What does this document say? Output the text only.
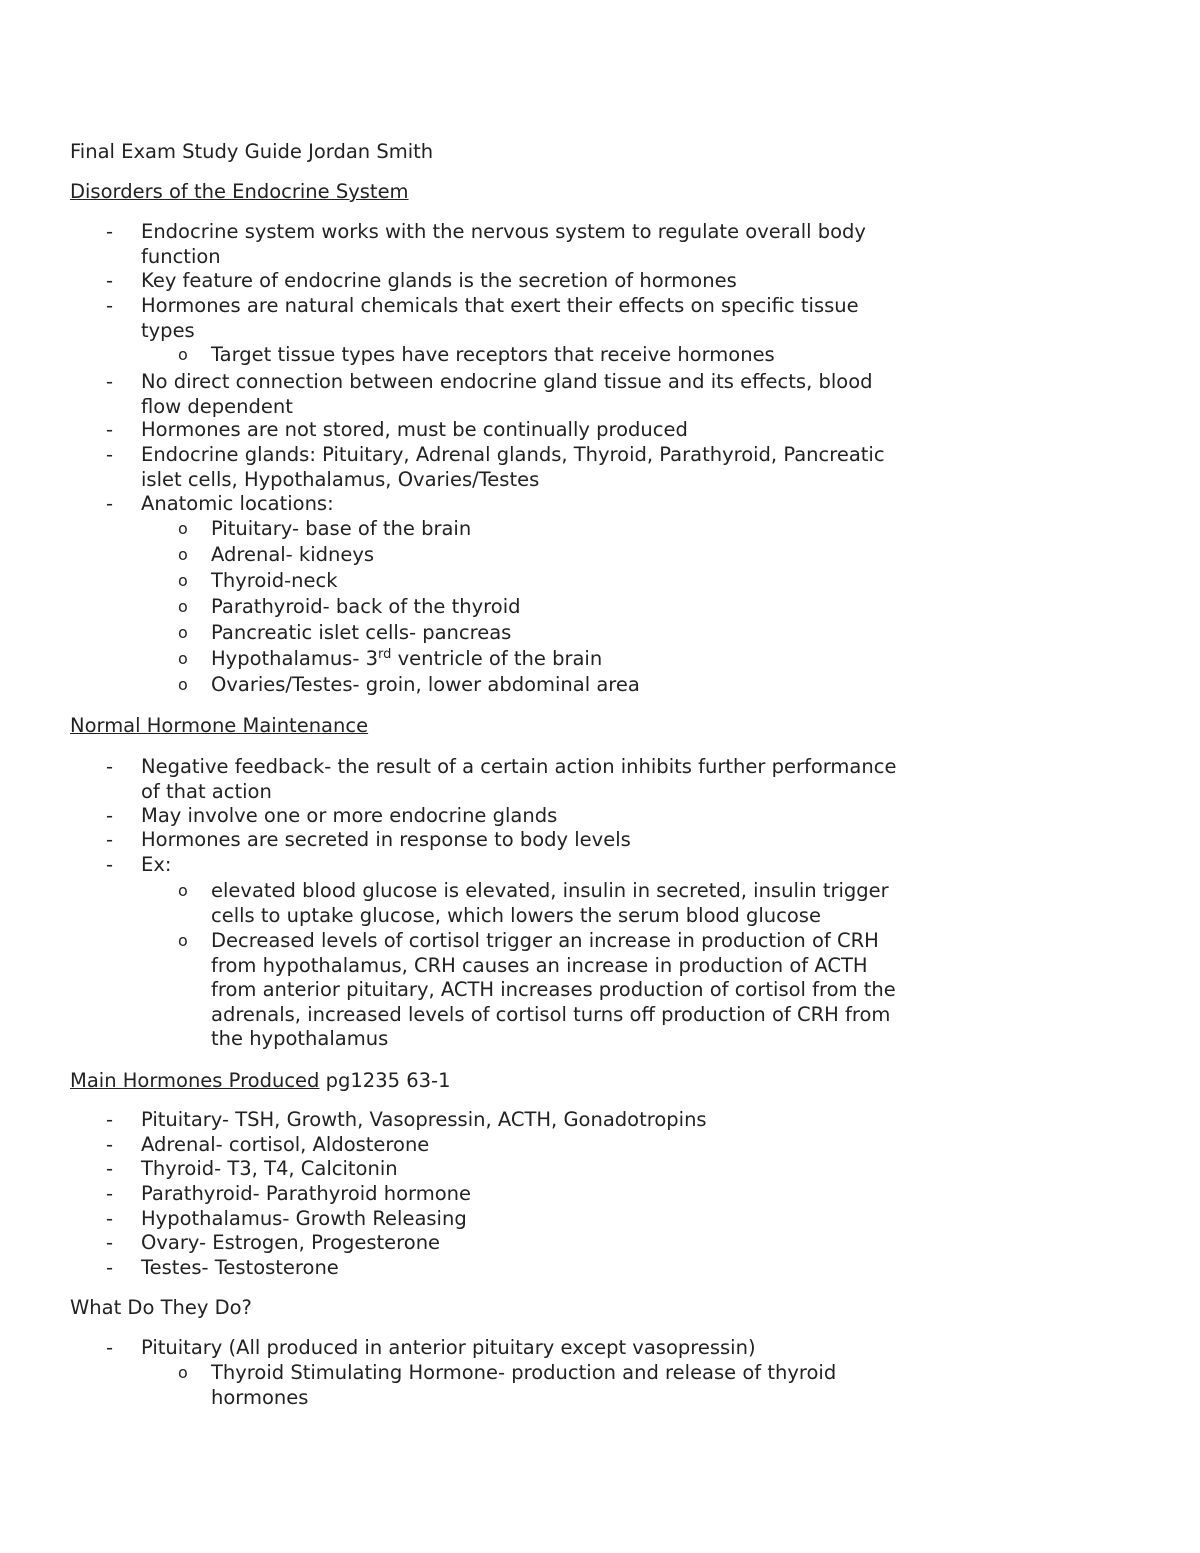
Final Exam Study Guide Jordan Smith
Disorders of the Endocrine System
- Endocrine system works with the nervous system to regulate overall body function
- Key feature of endocrine glands is the secretion of hormones
- Hormones are natural chemicals that exert their effects on specific tissue types
o Target tissue types have receptors that receive hormones
- No direct connection between endocrine gland tissue and its effects, blood flow dependent
- Hormones are not stored, must be continually produced
- Endocrine glands: Pituitary, Adrenal glands, Thyroid, Parathyroid, Pancreatic islet cells, Hypothalamus, Ovaries/Testes
- Anatomic locations:
o Pituitary- base of the brain
o Adrenal- kidneys
o Thyroid-neck
o Parathyroid- back of the thyroid
o Pancreatic islet cells- pancreas
o Hypothalamus- 3rd ventricle of the brain
o Ovaries/Testes- groin, lower abdominal area
Normal Hormone Maintenance
- Negative feedback- the result of a certain action inhibits further performance of that action
- May involve one or more endocrine glands
- Hormones are secreted in response to body levels
- Ex:
o elevated blood glucose is elevated, insulin in secreted, insulin trigger cells to uptake glucose, which lowers the serum blood glucose
o Decreased levels of cortisol trigger an increase in production of CRH from hypothalamus, CRH causes an increase in production of ACTH from anterior pituitary, ACTH increases production of cortisol from the adrenals, increased levels of cortisol turns off production of CRH from the hypothalamus
Main Hormones Produced pg1235 63-1
- Pituitary- TSH, Growth, Vasopressin, ACTH, Gonadotropins
- Adrenal- cortisol, Aldosterone
- Thyroid- T3, T4, Calcitonin
- Parathyroid- Parathyroid hormone
- Hypothalamus- Growth Releasing
- Ovary- Estrogen, Progesterone
- Testes- Testosterone
What Do They Do?
- Pituitary (All produced in anterior pituitary except vasopressin)
o Thyroid Stimulating Hormone- production and release of thyroid hormones
